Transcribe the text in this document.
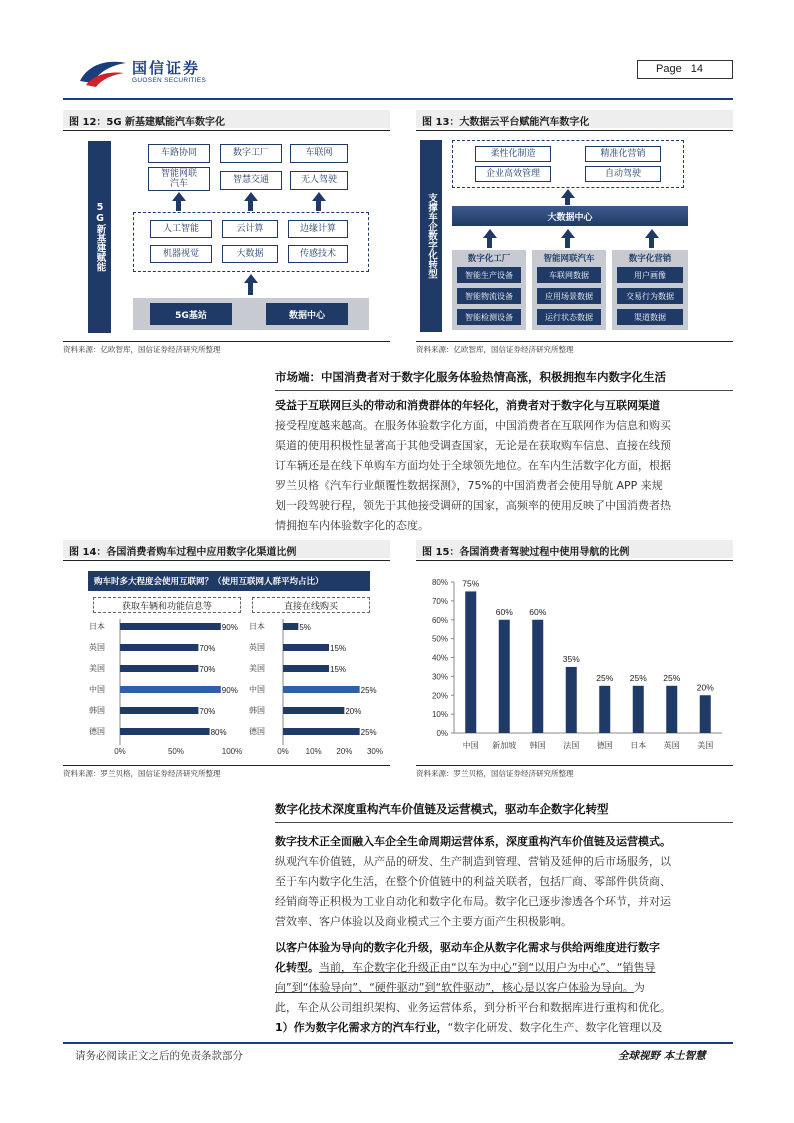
国信证券
GUOSEN SECURITIES
Page 14
图 12：5G 新基建赋能汽车数字化
5G新基建赋能
车路协同	数字工厂	车联网
智能网联汽车	智慧交通	无人驾驶
人工智能	云计算	边缘计算
机器视觉	大数据	传感技术
5G基站	数据中心
资料来源：亿欧智库，国信证券经济研究所整理
图 13：大数据云平台赋能汽车数字化
支撑车企数字化转型
柔性化制造	精准化营销
企业高效管理	自动驾驶
大数据中心
数字化工厂
智能生产设备
智能物流设备
智能检测设备
智能网联汽车
车联网数据
应用场景数据
运行状态数据
数字化营销
用户画像
交易行为数据
渠道数据
资料来源：亿欧智库，国信证券经济研究所整理
市场端：中国消费者对于数字化服务体验热情高涨，积极拥抱车内数字化生活
受益于互联网巨头的带动和消费群体的年轻化，消费者对于数字化与互联网渠道
接受程度越来越高。在服务体验数字化方面，中国消费者在互联网作为信息和购买
渠道的使用积极性显著高于其他受调查国家，无论是在获取购车信息、直接在线预
订车辆还是在线下单购车方面均处于全球领先地位。在车内生活数字化方面，根据
罗兰贝格《汽车行业颠覆性数据探测》，75%的中国消费者会使用导航 APP 来规
划一段驾驶行程，领先于其他接受调研的国家，高频率的使用反映了中国消费者热
情拥抱车内体验数字化的态度。
图 14：各国消费者购车过程中应用数字化渠道比例
购车时多大程度会使用互联网？（使用互联网人群平均占比）
获取车辆和功能信息等	直接在线购买
日本	90%
英国	70%
美国	70%
中国	90%
韩国	70%
德国	80%
0%	50%	100%
日本	5%
英国	15%
美国	15%
中国	25%
韩国	20%
德国	25%
0% 10% 20% 30%
资料来源：罗兰贝格，国信证券经济研究所整理
图 15：各国消费者驾驶过程中使用导航的比例
0%
10%
20%
30%
40%
50%
60%
70%
80% 75%
中国
60%
新加坡
60%
韩国
35%
法国
25%
德国
25%
日本
25%
英国
20%
美国
资料来源：罗兰贝格，国信证券经济研究所整理
数字化技术深度重构汽车价值链及运营模式，驱动车企数字化转型
数字技术正全面融入车企全生命周期运营体系，深度重构汽车价值链及运营模式。
纵观汽车价值链，从产品的研发、生产制造到管理、营销及延伸的后市场服务，以
至于车内数字化生活，在整个价值链中的利益关联者，包括厂商、零部件供货商、
经销商等正积极为工业自动化和数字化布局。数字化已逐步渗透各个环节，并对运
营效率、客户体验以及商业模式三个主要方面产生积极影响。
以客户体验为导向的数字化升级，驱动车企从数字化需求与供给两维度进行数字
化转型。当前，车企数字化升级正由“以车为中心”到“以用户为中心”、“销售导
向”到“体验导向”、“硬件驱动”到“软件驱动”，核心是以客户体验为导向。为
此，车企从公司组织架构、业务运营体系，到分析平台和数据库进行重构和优化。
1）作为数字化需求方的汽车行业，“数字化研发、数字化生产、数字化管理以及
请务必阅读正文之后的免责条款部分	全球视野 本土智慧
